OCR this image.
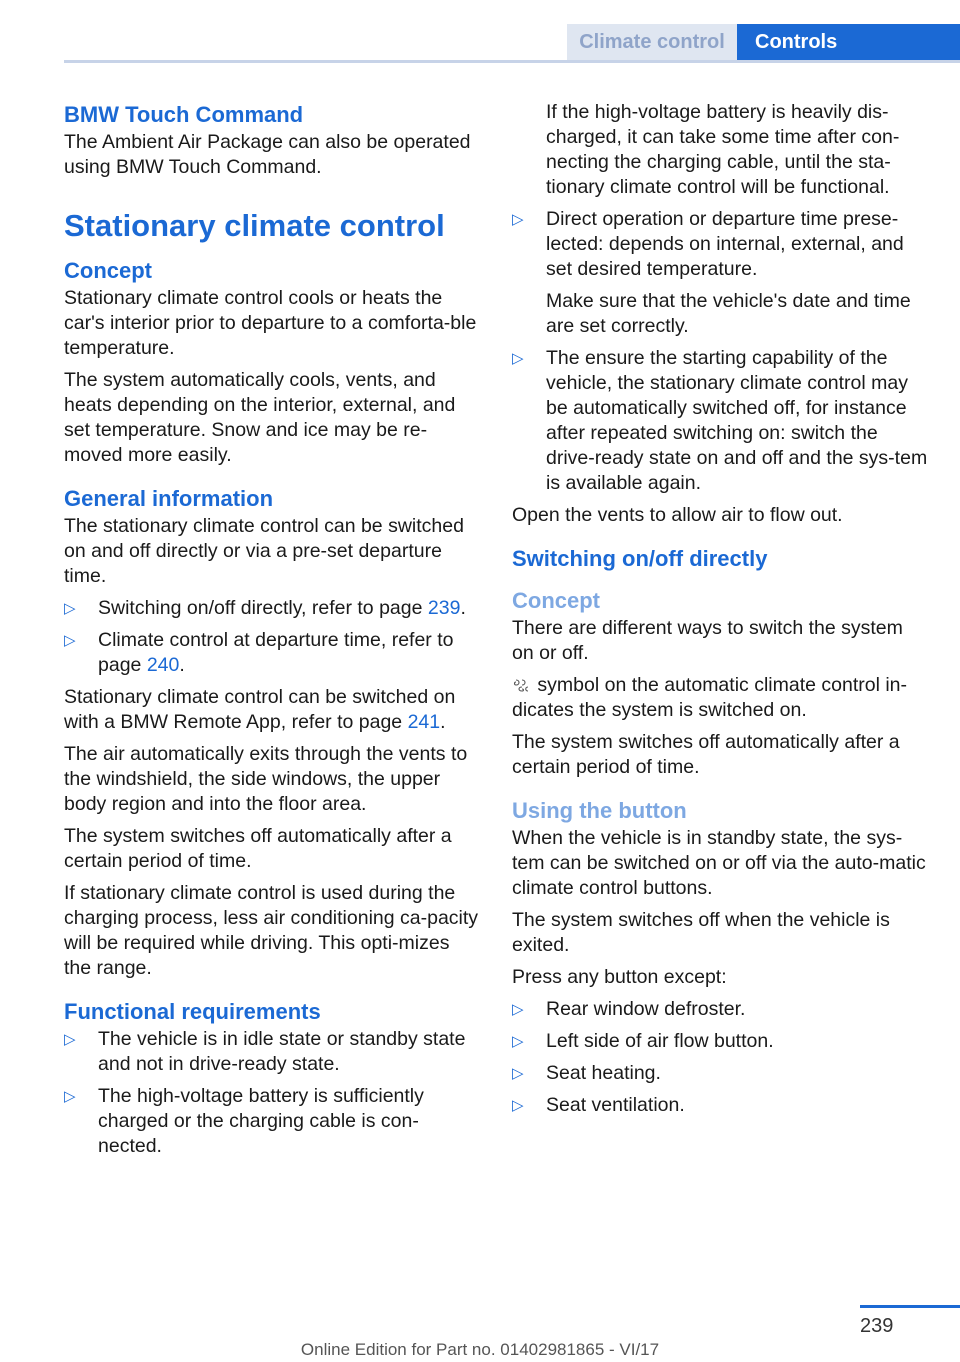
Climate control	Controls
BMW Touch Command

The Ambient Air Package can also be operated using BMW Touch Command.

Stationary climate control
Concept

Stationary climate control cools or heats the car's interior prior to departure to a comforta-ble temperature.

The system automatically cools, vents, and heats depending on the interior, external, and set temperature. Snow and ice may be re-moved more easily.

General information

The stationary climate control can be switched on and off directly or via a pre-set departure time.

▷	Switching on/off directly, refer to page 239.
▷	Climate control at departure time, refer to page 240.

Stationary climate control can be switched on with a BMW Remote App, refer to page 241.

The air automatically exits through the vents to the windshield, the side windows, the upper body region and into the floor area.

The system switches off automatically after a certain period of time.

If stationary climate control is used during the charging process, less air conditioning ca-pacity will be required while driving. This opti-mizes the range.

Functional requirements
▷	The vehicle is in idle state or standby state and not in drive-ready state.
▷	The high-voltage battery is sufficiently charged or the charging cable is con-nected.

If the high-voltage battery is heavily dis-charged, it can take some time after con-necting the charging cable, until the sta-tionary climate control will be functional.

▷	Direct operation or departure time prese-lected: depends on internal, external, and set desired temperature.

Make sure that the vehicle's date and time are set correctly.

▷	The ensure the starting capability of the vehicle, the stationary climate control may be automatically switched off, for instance after repeated switching on: switch the drive-ready state on and off and the sys-tem is available again.

Open the vents to allow air to flow out.

Switching on/off directly
Concept

There are different ways to switch the system on or off.

symbol on the automatic climate control in-dicates the system is switched on.

The system switches off automatically after a certain period of time.

Using the button

When the vehicle is in standby state, the sys-tem can be switched on or off via the auto-matic climate control buttons.

The system switches off when the vehicle is exited.

Press any button except:

▷	Rear window defroster.
▷	Left side of air flow button.
▷	Seat heating.
▷	Seat ventilation.
239
Online Edition for Part no. 01402981865 - VI/17
